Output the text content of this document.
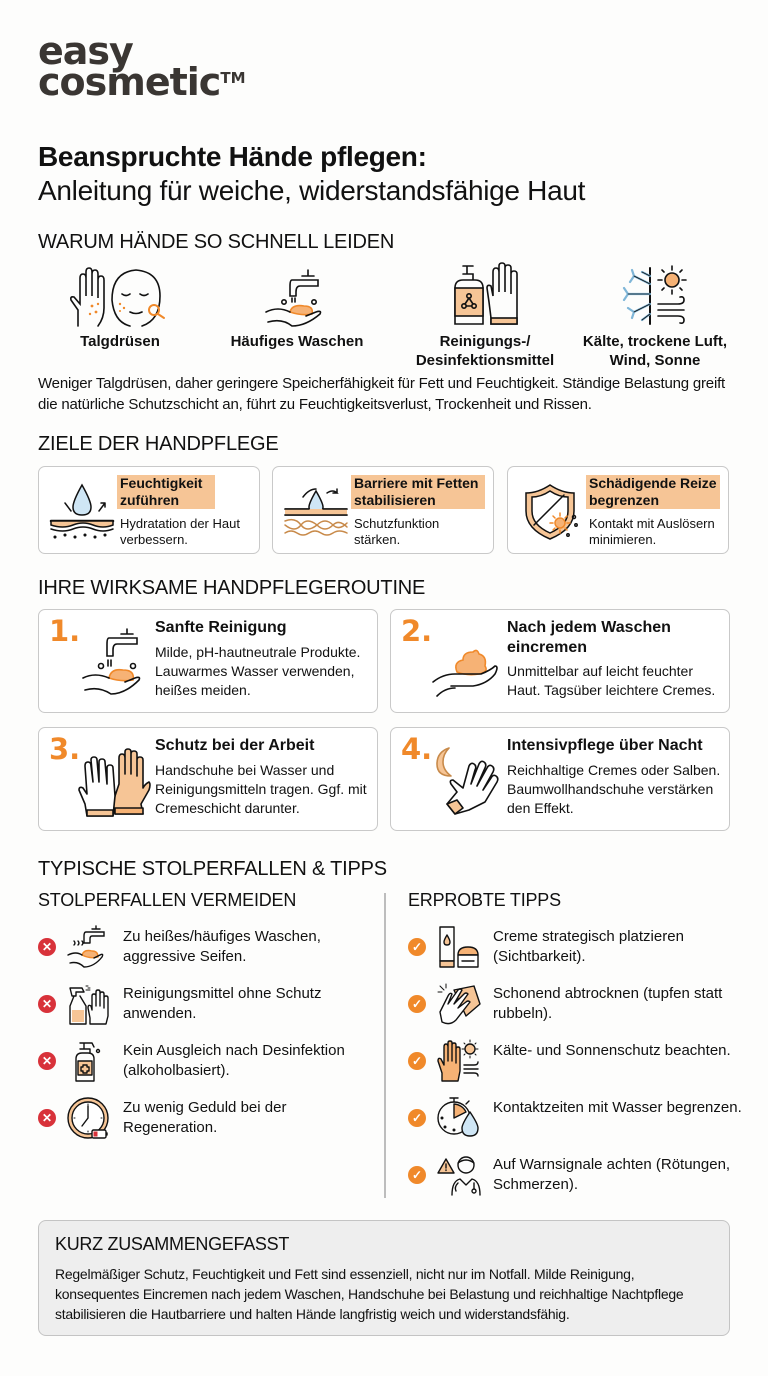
easy
cosmetic™
Beanspruchte Hände pflegen:
Anleitung für weiche, widerstandsfähige Haut
WARUM HÄNDE SO SCHNELL LEIDEN
Talgdrüsen	Häufiges Waschen	Reinigungs-/ Desinfektionsmittel
Kälte, trockene Luft, Wind, Sonne
Weniger Talgdrüsen, daher geringere Speicherfähigkeit für Fett und Feuchtigkeit. Ständige Belastung greift die natürliche Schutzschicht an, führt zu Feuchtigkeitsverlust, Trockenheit und Rissen.
ZIELE DER HANDPFLEGE
Feuchtigkeit zuführen
Hydratation der Haut verbessern.
Barriere mit Fetten stabilisieren
Schutzfunktion stärken.
Schädigende Reize begrenzen
Kontakt mit Auslösern minimieren.
IHRE WIRKSAME HANDPFLEGEROUTINE
1.	Sanfte Reinigung
Milde, pH-hautneutrale Produkte. Lauwarmes Wasser verwenden, heißes meiden.
2.	Nach jedem Waschen eincremen
Unmittelbar auf leicht feuchter Haut. Tagsüber leichtere Cremes.
3.	Schutz bei der Arbeit
Handschuhe bei Wasser und Reinigungsmitteln tragen. Ggf. mit Cremeschicht darunter.
4.	Intensivpflege über Nacht
Reichhaltige Cremes oder Salben. Baumwollhandschuhe verstärken den Effekt.
TYPISCHE STOLPERFALLEN & TIPPS
STOLPERFALLEN VERMEIDEN	ERPROBTE TIPPS
✕
Zu heißes/häufiges Waschen, aggressive Seifen.
✕
Reinigungsmittel ohne Schutz anwenden.
✕
Kein Ausgleich nach Desinfektion (alkoholbasiert).
✕
Zu wenig Geduld bei der Regeneration.
✓
Creme strategisch platzieren (Sichtbarkeit).
✓
Schonend abtrocknen (tupfen statt rubbeln).
✓
Kälte- und Sonnenschutz beachten.
✓
Kontaktzeiten mit Wasser begrenzen.
✓
Auf Warnsignale achten (Rötungen, Schmerzen).
KURZ ZUSAMMENGEFASST

Regelmäßiger Schutz, Feuchtigkeit und Fett sind essenziell, nicht nur im Notfall. Milde Reinigung, konsequentes Eincremen nach jedem Waschen, Handschuhe bei Belastung und reichhaltige Nachtpflege stabilisieren die Hautbarriere und halten Hände langfristig weich und widerstandsfähig.
